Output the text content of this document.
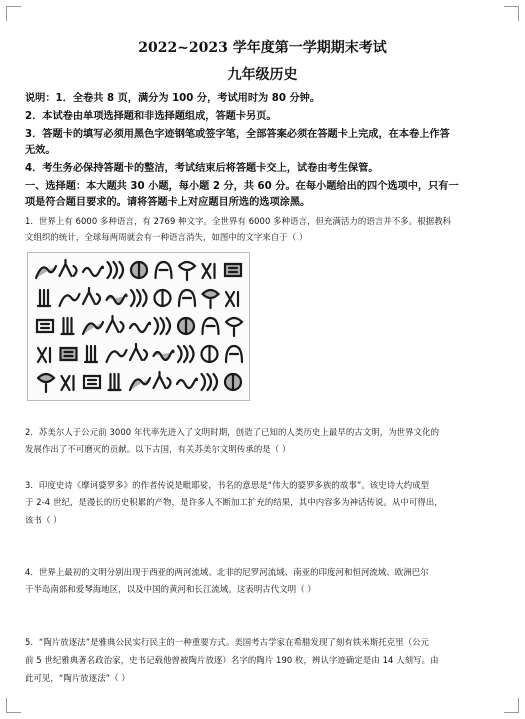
2022~2023 学年度第一学期期末考试
九年级历史
说明：1．全卷共 8 页，满分为 100 分，考试用时为 80 分钟。
2．本试卷由单项选择题和非选择题组成，答题卡另页。
3．答题卡的填写必须用黑色字迹钢笔或签字笔，全部答案必须在答题卡上完成，在本卷上作答
无效。
4．考生务必保持答题卡的整洁，考试结束后将答题卡交上，试卷由考生保管。
一、选择题：本大题共 30 小题，每小题 2 分，共 60 分。在每小题给出的四个选项中，只有一
项是符合题目要求的。请将答题卡上对应题目所选的选项涂黑。
1．世界上有 6000 多种语言，有 2769 种文字。全世界有 6000 多种语言，但充满活力的语言并不多。根据教科
文组织的统计，全球每两周就会有一种语言消失，如图中的文字来自于（ ）
2．苏美尔人于公元前 3000 年代率先进入了文明时期，创造了已知的人类历史上最早的古文明，为世界文化的
发展作出了不可磨灭的贡献。以下古国，有关苏美尔文明传承的是（ ）
3．印度史诗《摩诃婆罗多》的作者传说是毗耶娑，书名的意思是“伟大的婆罗多族的故事”。该史诗大约成型
于 2-4 世纪，是漫长的历史积累的产物，是许多人不断加工扩充的结果，其中内容多为神话传说。从中可得出，
该书（ ）
4．世界上最初的文明分别出现于西亚的两河流域、北非的尼罗河流域、南亚的印度河和恒河流域、欧洲巴尔
干半岛南部和爱琴海地区，以及中国的黄河和长江流域。这表明古代文明（ ）
5．“陶片放逐法”是雅典公民实行民主的一种重要方式。美国考古学家在希腊发现了刻有铁米斯托克里（公元
前 5 世纪雅典著名政治家，史书记载他曾被陶片放逐）名字的陶片 190 枚，辨认字迹确定是由 14 人刻写。由
此可见，“陶片放逐法”（ ）
